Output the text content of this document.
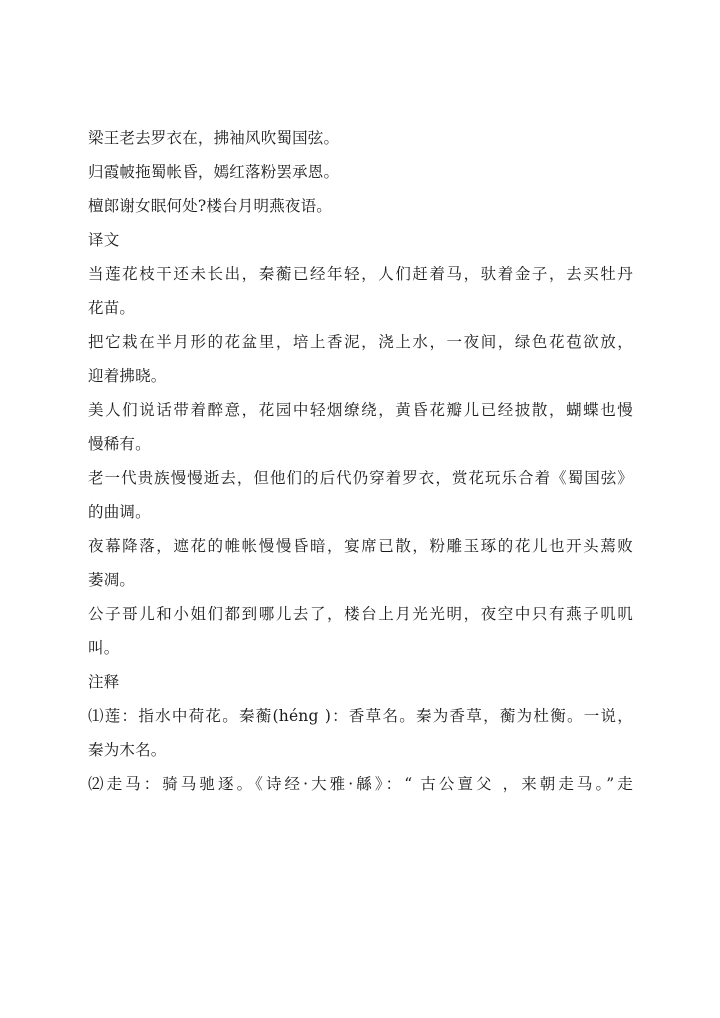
梁王老去罗衣在，拂袖风吹蜀国弦。
归霞帔拖蜀帐昏，嫣红落粉罢承恩。
檀郎谢女眠何处?楼台月明燕夜语。
译文
当莲花枝干还未长出，秦蘅已经年轻，人们赶着马，驮着金子，去买牡丹
花苗。
把它栽在半月形的花盆里，培上香泥，浇上水，一夜间，绿色花苞欲放，
迎着拂晓。
美人们说话带着醉意，花园中轻烟缭绕，黄昏花瓣儿已经披散，蝴蝶也慢
慢稀有。
老一代贵族慢慢逝去，但他们的后代仍穿着罗衣，赏花玩乐合着《蜀国弦》
的曲调。
夜幕降落，遮花的帷帐慢慢昏暗，宴席已散，粉雕玉琢的花儿也开头蔫败
萎凋。
公子哥儿和小姐们都到哪儿去了，楼台上月光光明，夜空中只有燕子叽叽
叫。
注释
⑴莲：指水中荷花。秦蘅(héng )：香草名。秦为香草，蘅为杜衡。一说，
秦为木名。
⑵走马：骑马驰逐。《诗经·大雅·緜》：“ 古公亶父 ，来朝走马。”走
